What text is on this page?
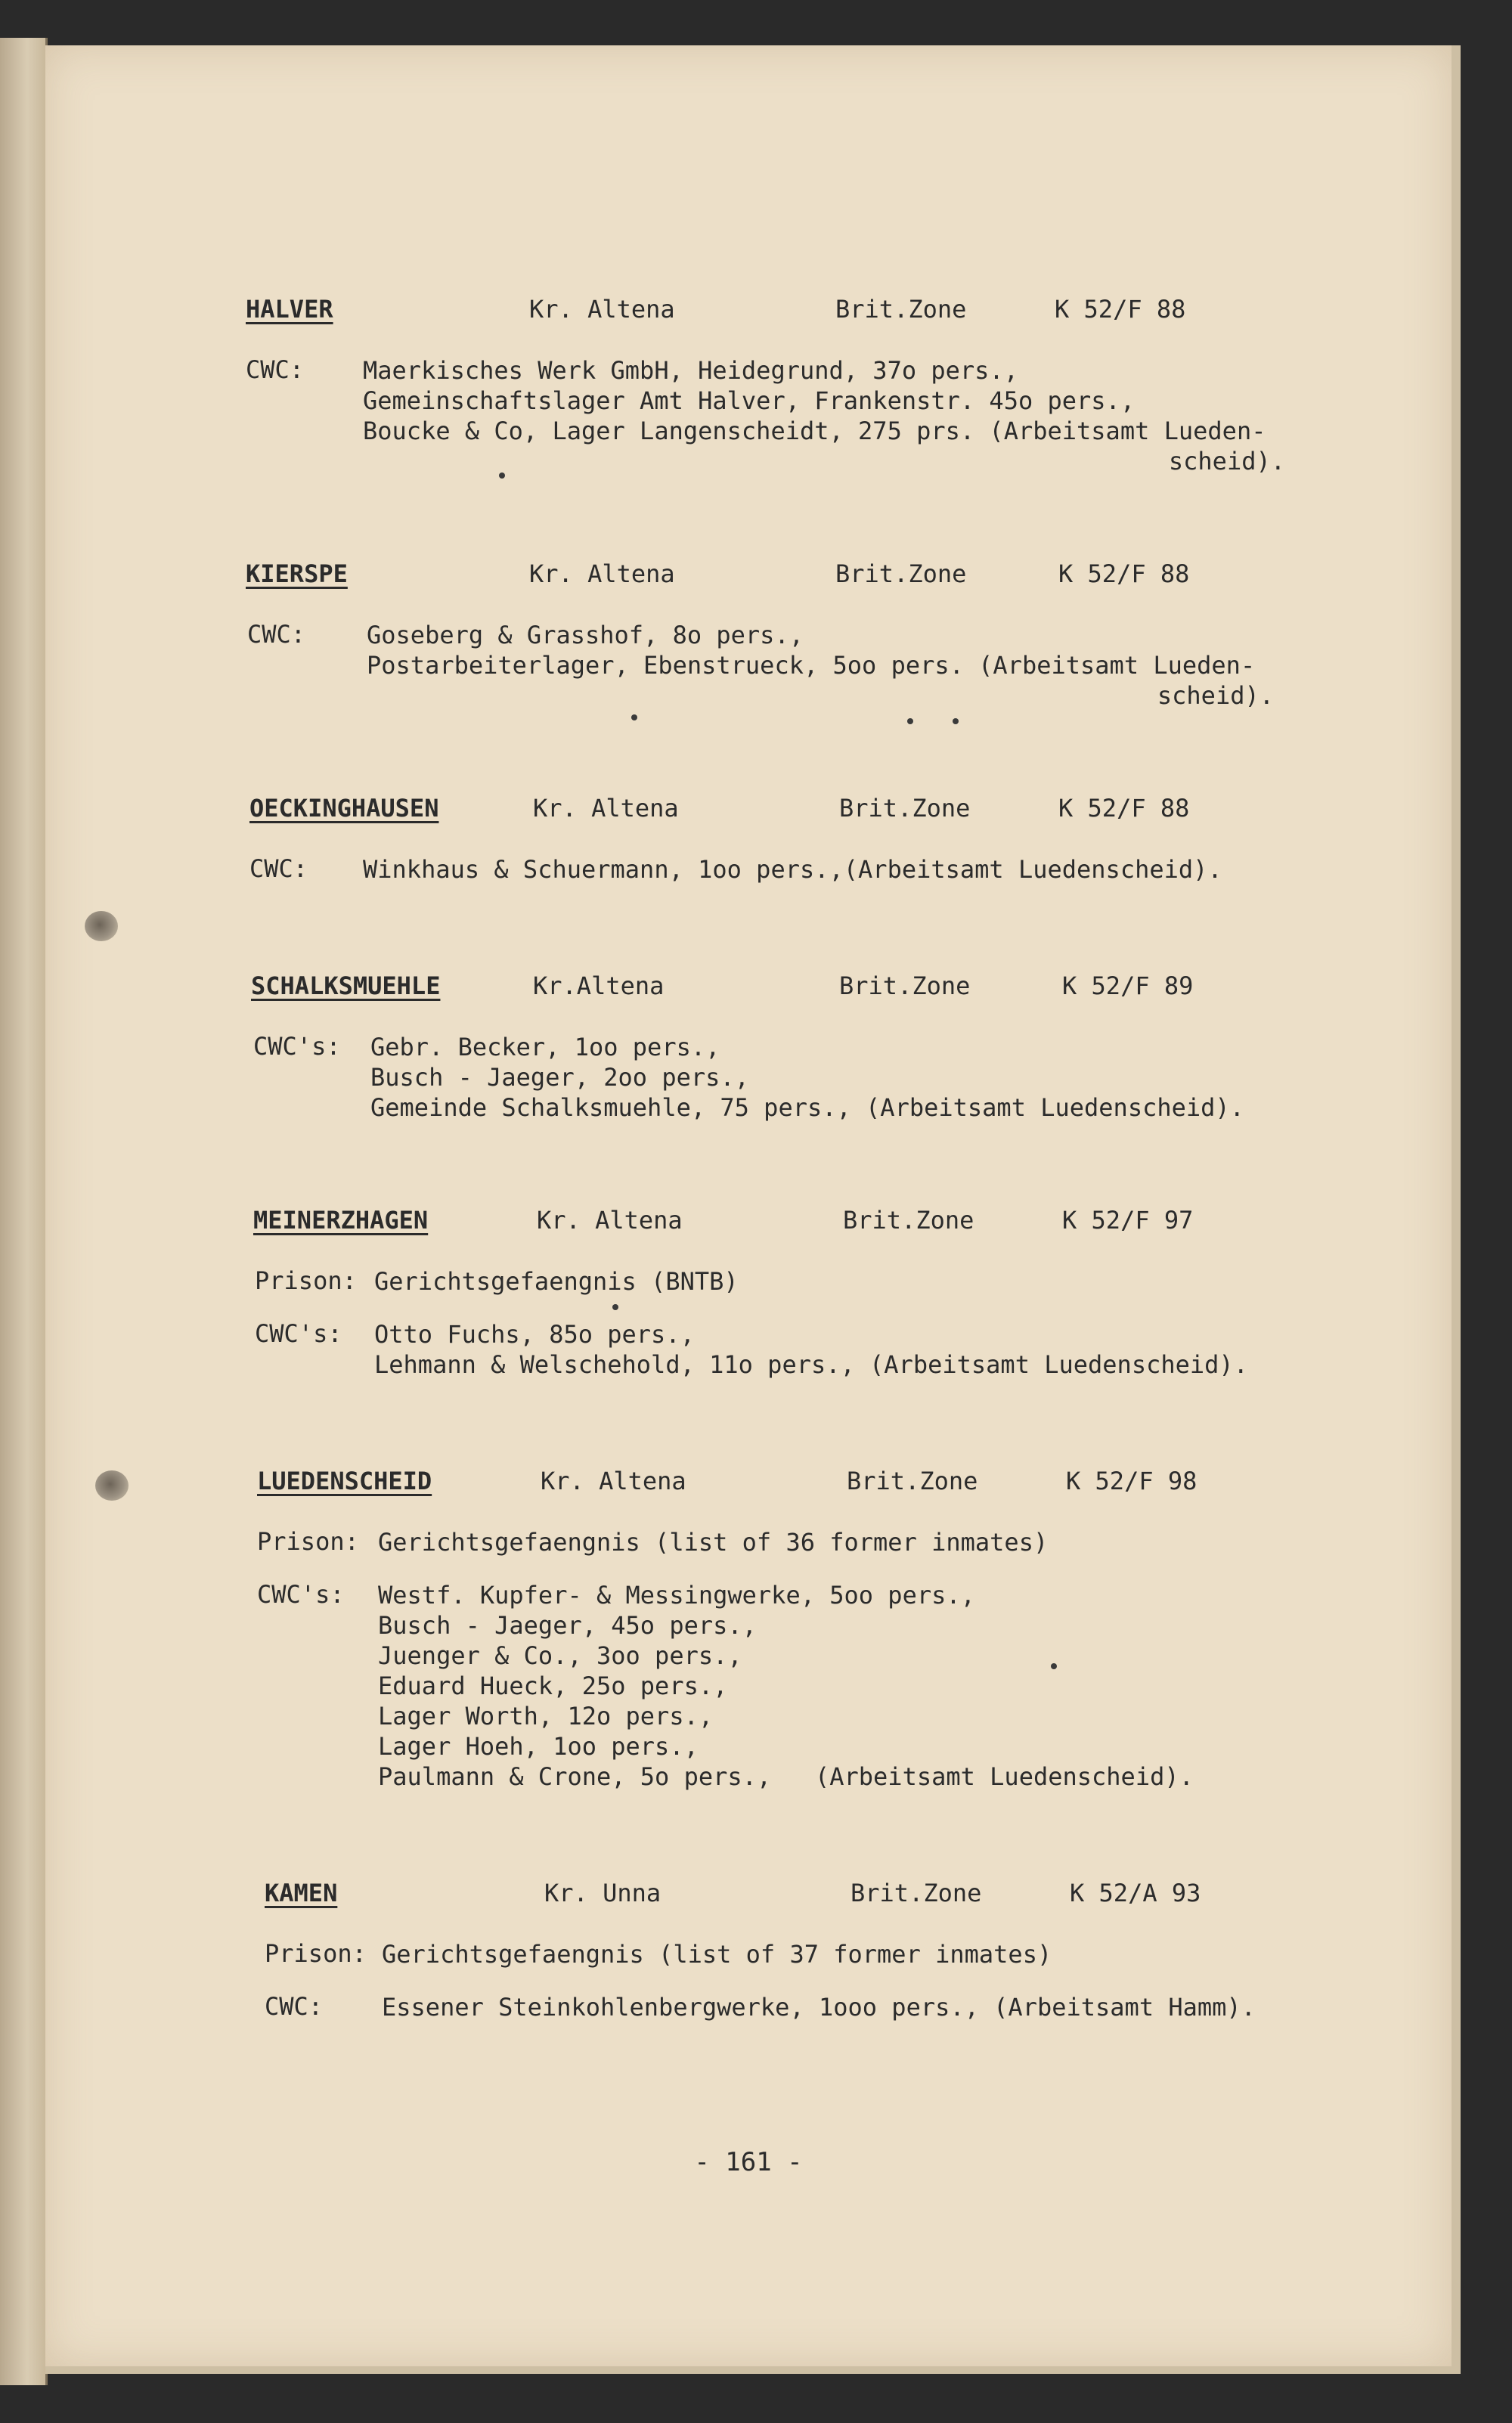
HALVER	Kr. Altena	Brit.Zone	K 52/F 88
CWC: Maerkisches Werk GmbH, Heidegrund, 37o pers.,
Gemeinschaftslager Amt Halver, Frankenstr. 45o pers.,
Boucke & Co, Lager Langenscheidt, 275 prs. (Arbeitsamt Lueden-
scheid).
KIERSPE	Kr. Altena	Brit.Zone	K 52/F 88
CWC:	Goseberg & Grasshof, 8o pers.,
Postarbeiterlager, Ebenstrueck, 5oo pers. (Arbeitsamt Lueden-
scheid).
OECKINGHAUSEN	Kr. Altena	Brit.Zone	K 52/F 88
CWC: Winkhaus & Schuermann, 1oo pers.,(Arbeitsamt Luedenscheid).
SCHALKSMUEHLE	Kr.Altena	Brit.Zone	K 52/F 89
CWC's: Gebr. Becker, 1oo pers.,
Busch - Jaeger, 2oo pers.,
Gemeinde Schalksmuehle, 75 pers., (Arbeitsamt Luedenscheid).
MEINERZHAGEN	Kr. Altena	Brit.Zone	K 52/F 97
Prison: Gerichtsgefaengnis (BNTB)
CWC's: Otto Fuchs, 85o pers.,
Lehmann & Welschehold, 11o pers., (Arbeitsamt Luedenscheid).
LUEDENSCHEID	Kr. Altena	Brit.Zone	K 52/F 98
Prison: Gerichtsgefaengnis (list of 36 former inmates)
CWC's: Westf. Kupfer- & Messingwerke, 5oo pers.,
Busch - Jaeger, 45o pers.,
Juenger & Co., 3oo pers.,
Eduard Hueck, 25o pers.,
Lager Worth, 12o pers.,
Lager Hoeh, 1oo pers.,
Paulmann & Crone, 5o pers.,   (Arbeitsamt Luedenscheid).
KAMEN	Kr. Unna	Brit.Zone	K 52/A 93
Prison: Gerichtsgefaengnis (list of 37 former inmates)
CWC: Essener Steinkohlenbergwerke, 1ooo pers., (Arbeitsamt Hamm).
- 161 -
